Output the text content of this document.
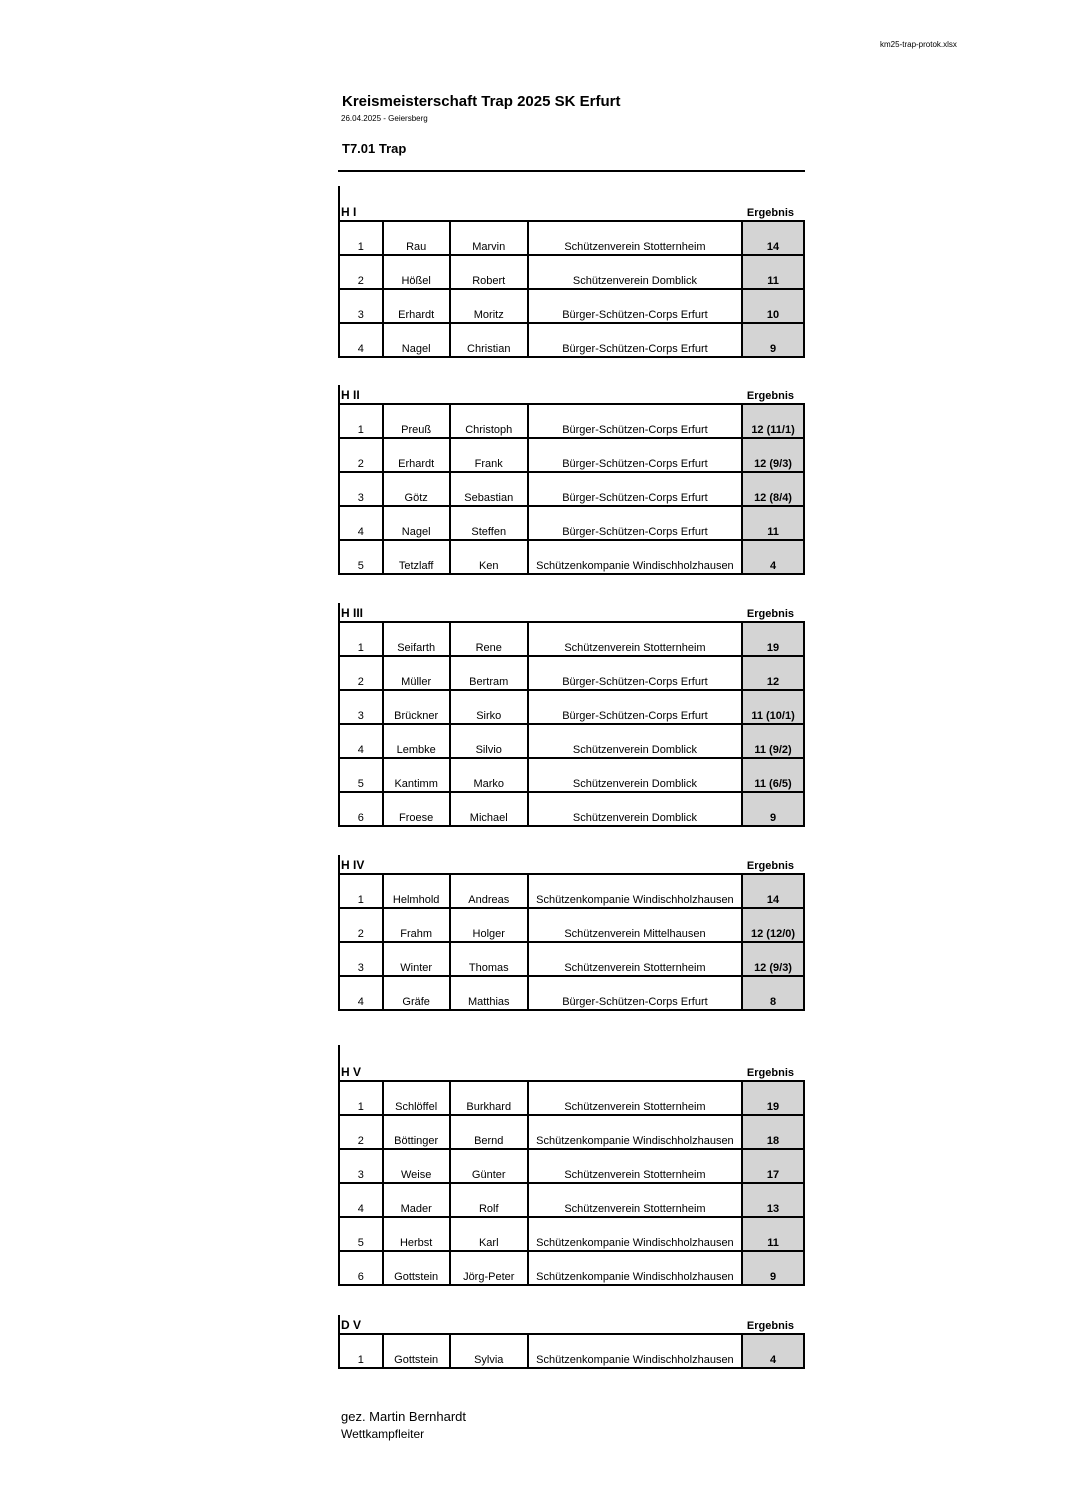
km25-trap-protok.xlsx
Kreismeisterschaft Trap 2025 SK Erfurt
26.04.2025 - Geiersberg
T7.01 Trap
H I	Ergebnis
1	Rau	Marvin	Schützenverein Stotternheim	14
2	Hößel	Robert	Schützenverein Domblick	11
3	Erhardt	Moritz	Bürger-Schützen-Corps Erfurt	10
4	Nagel	Christian	Bürger-Schützen-Corps Erfurt	9
H II	Ergebnis
1	Preuß	Christoph	Bürger-Schützen-Corps Erfurt	12 (11/1)
2	Erhardt	Frank	Bürger-Schützen-Corps Erfurt	12 (9/3)
3	Götz	Sebastian	Bürger-Schützen-Corps Erfurt	12 (8/4)
4	Nagel	Steffen	Bürger-Schützen-Corps Erfurt	11
5	Tetzlaff	Ken	Schützenkompanie Windischholzhausen	4
H III	Ergebnis
1	Seifarth	Rene	Schützenverein Stotternheim	19
2	Müller	Bertram	Bürger-Schützen-Corps Erfurt	12
3	Brückner	Sirko	Bürger-Schützen-Corps Erfurt	11 (10/1)
4	Lembke	Silvio	Schützenverein Domblick	11 (9/2)
5	Kantimm	Marko	Schützenverein Domblick	11 (6/5)
6	Froese	Michael	Schützenverein Domblick	9
H IV	Ergebnis
1	Helmhold	Andreas	Schützenkompanie Windischholzhausen	14
2	Frahm	Holger	Schützenverein Mittelhausen	12 (12/0)
3	Winter	Thomas	Schützenverein Stotternheim	12 (9/3)
4	Gräfe	Matthias	Bürger-Schützen-Corps Erfurt	8
H V	Ergebnis
1	Schlöffel	Burkhard	Schützenverein Stotternheim	19
2	Böttinger	Bernd	Schützenkompanie Windischholzhausen	18
3	Weise	Günter	Schützenverein Stotternheim	17
4	Mader	Rolf	Schützenverein Stotternheim	13
5	Herbst	Karl	Schützenkompanie Windischholzhausen	11
6	Gottstein	Jörg-Peter	Schützenkompanie Windischholzhausen	9
D V	Ergebnis
1	Gottstein	Sylvia	Schützenkompanie Windischholzhausen	4
gez. Martin Bernhardt
Wettkampfleiter
